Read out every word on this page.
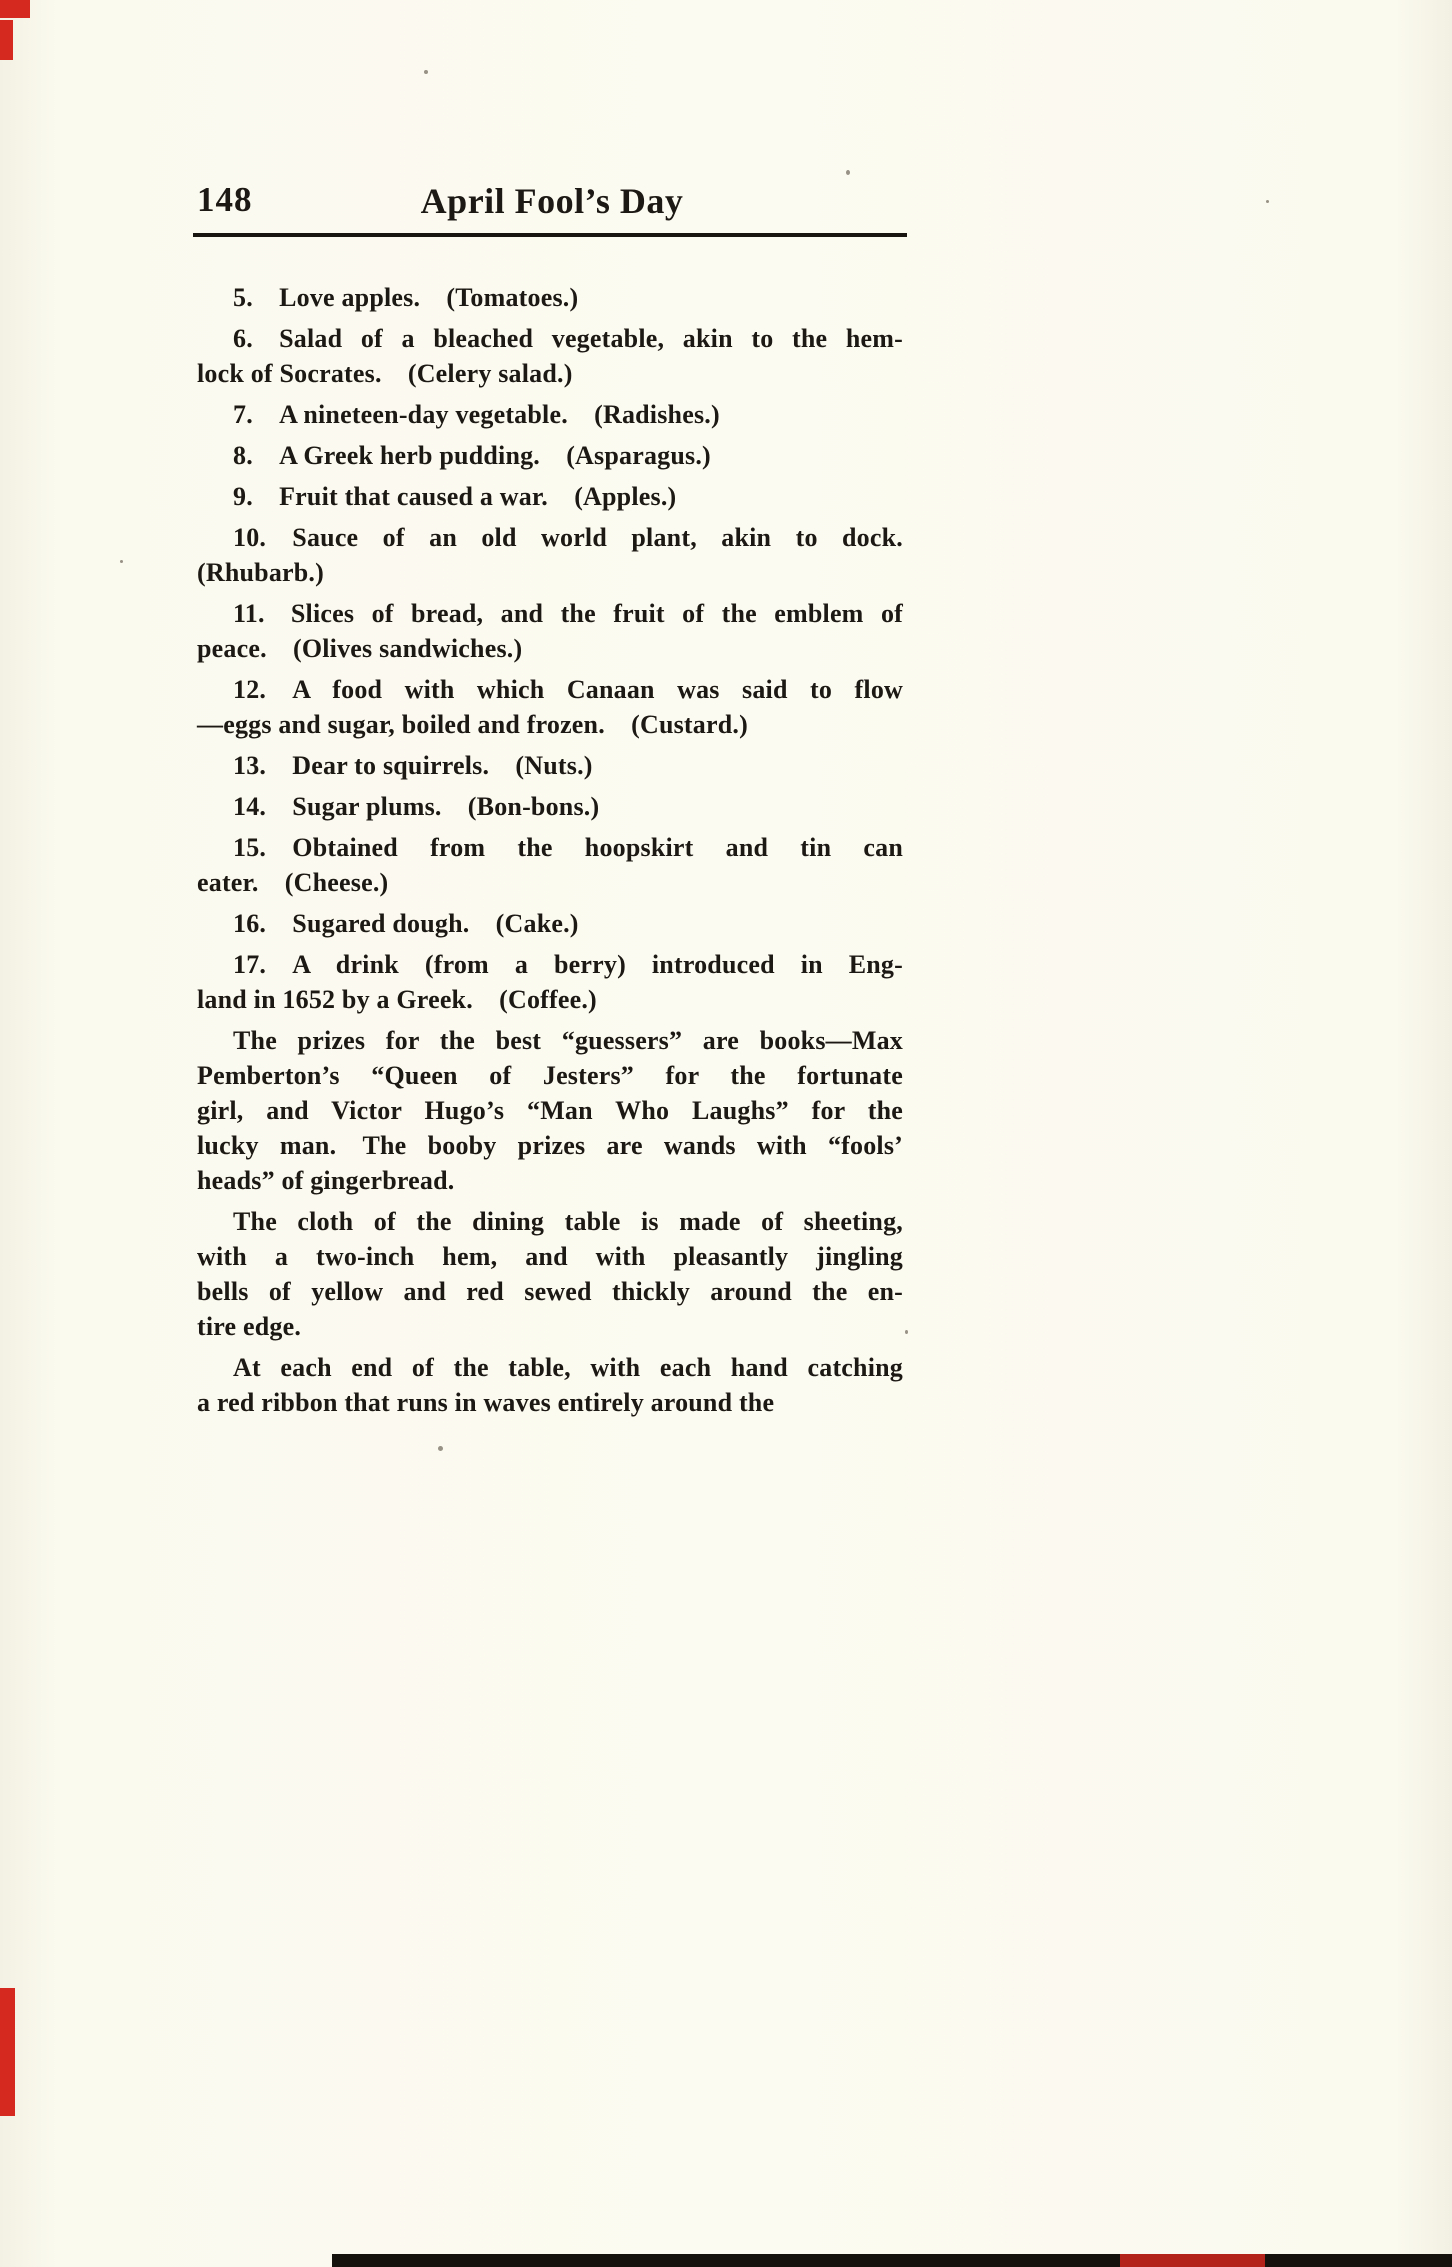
148	April Fool’s Day
5. Love apples. (Tomatoes.)
6. Salad of a bleached vegetable, akin to the hem-
lock of Socrates. (Celery salad.)
7. A nineteen-day vegetable. (Radishes.)
8. A Greek herb pudding. (Asparagus.)
9. Fruit that caused a war. (Apples.)
10. Sauce of an old world plant, akin to dock.
(Rhubarb.)
11. Slices of bread, and the fruit of the emblem of
peace. (Olives sandwiches.)
12. A food with which Canaan was said to flow
—eggs and sugar, boiled and frozen. (Custard.)
13. Dear to squirrels. (Nuts.)
14. Sugar plums. (Bon-bons.)
15. Obtained from the hoopskirt and tin can
eater. (Cheese.)
16. Sugared dough. (Cake.)
17. A drink (from a berry) introduced in Eng-
land in 1652 by a Greek. (Coffee.)
The prizes for the best “guessers” are books—Max
Pemberton’s “Queen of Jesters” for the fortunate
girl, and Victor Hugo’s “Man Who Laughs” for the
lucky man. The booby prizes are wands with “fools’
heads” of gingerbread.
The cloth of the dining table is made of sheeting,
with a two-inch hem, and with pleasantly jingling
bells of yellow and red sewed thickly around the en-
tire edge.
At each end of the table, with each hand catching
a red ribbon that runs in waves entirely around the
